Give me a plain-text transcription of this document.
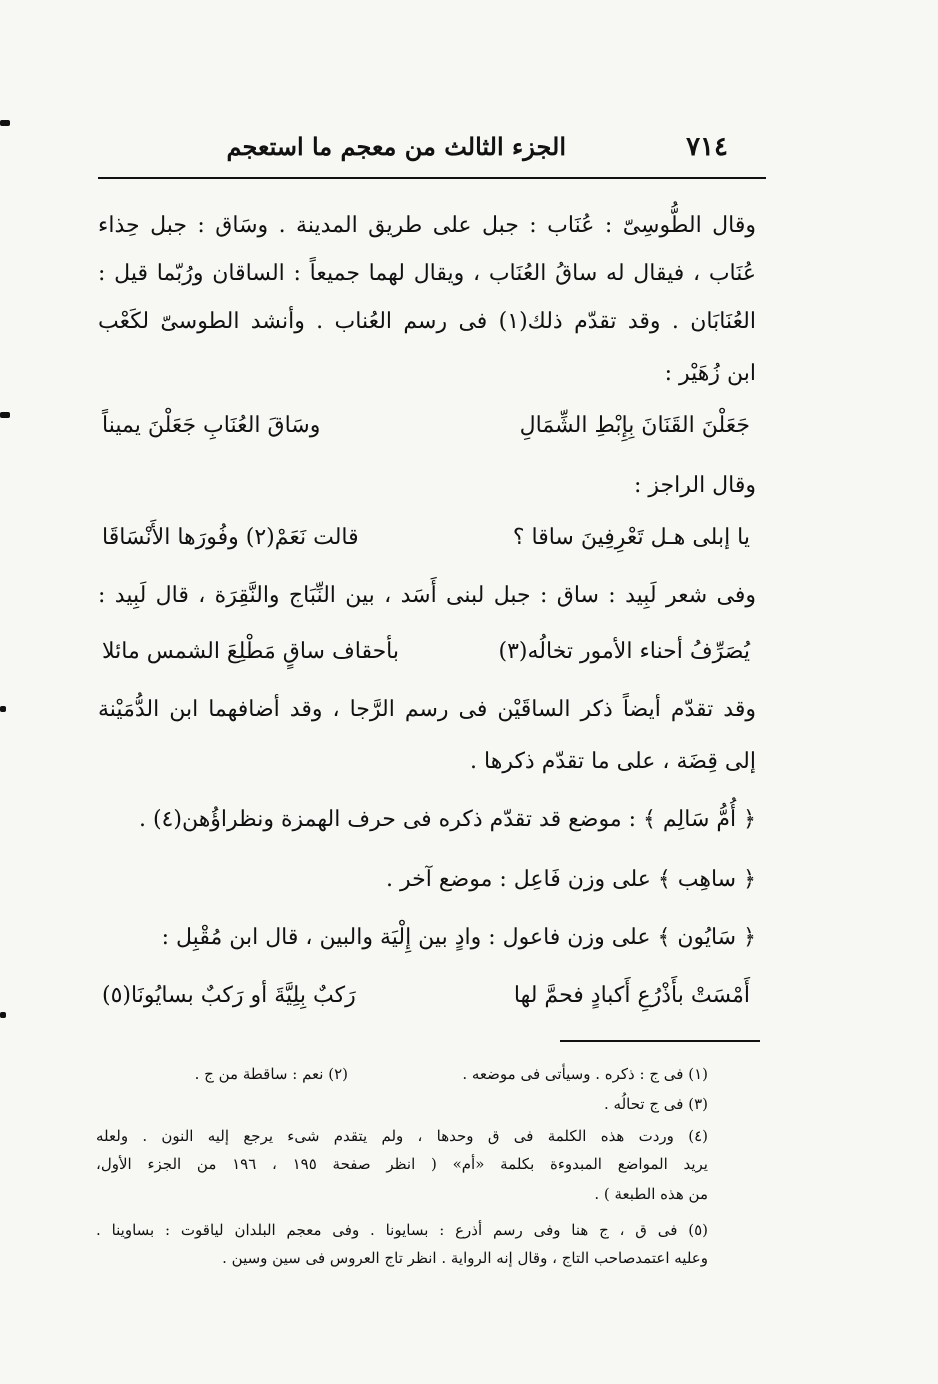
٧١٤
الجزء الثالث من معجم ما استعجم
وقال الطُّوسِىّ : عُنَاب : جبل على طريق المدينة . وسَاق : جبل حِذاء
عُنَاب ، فيقال له ساقُ العُنَاب ، ويقال لهما جميعاً : الساقان ورُبّما قيل :
العُنَابَان . وقد تقدّم ذلك(١) فى رسم العُناب . وأنشد الطوسىّ لكَعْب
ابن زُهَيْر :
جَعَلْنَ القَنَانَ بِإِبْطِ الشِّمَالِ
وسَاقَ العُنَابِ جَعَلْنَ يميناً
وقال الراجز :
يا إبلى هـل تَعْرِفِينَ ساقا ؟
قالت نَعَمْ(٢) وفُورَها الأَنْسَاقَا
وفى شعر لَبِيد : ساق : جبل لبنى أَسَد ، بين النِّبَاج والنَّقِرَة ، قال لَبِيد :
يُصَرِّفُ أحناء الأمور تخالُه(٣)
بأحقاف ساقٍ مَطْلِعَ الشمس مائلا
وقد تقدّم أيضاً ذكر الساقَيْن فى رسم الرَّجا ، وقد أضافهما ابن الدُّمَيْنة
إلى قِضَة ، على ما تقدّم ذكرها .
﴿ أُمُّ سَالِم ﴾ : موضع قد تقدّم ذكره فى حرف الهمزة ونظراؤُهن(٤) .
﴿ ساهِب ﴾ على وزن فَاعِل : موضع آخر .
﴿ سَايُون ﴾ على وزن فاعول : وادٍ بين إِلْيَة والبين ، قال ابن مُقْبِل :
أَمْسَتْ بأَذْرُعِ أَكبادٍ فحمَّ لها
رَكبٌ بِلِيَّةَ أو رَكبٌ بسايُونَا(٥)
(١) فى ج : ذكره . وسيأتى فى موضعه .
(٢) نعم : ساقطة من ج .
(٣) فى ج تحالُه .
(٤) وردت هذه الكلمة فى ق وحدها ، ولم يتقدم شىء يرجع إليه النون . ولعله
يريد المواضع المبدوءة بكلمة «أم» ( انظر صفحة ١٩٥ ، ١٩٦ من الجزء الأول،
من هذه الطبعة ) .
(٥) فى ق ، ج هنا وفى رسم أذرع : بسايونا . وفى معجم البلدان لياقوت : بساوينا .
وعليه اعتمدصاحب التاج ، وقال إنه الرواية . انظر تاج العروس فى سين وسين .
